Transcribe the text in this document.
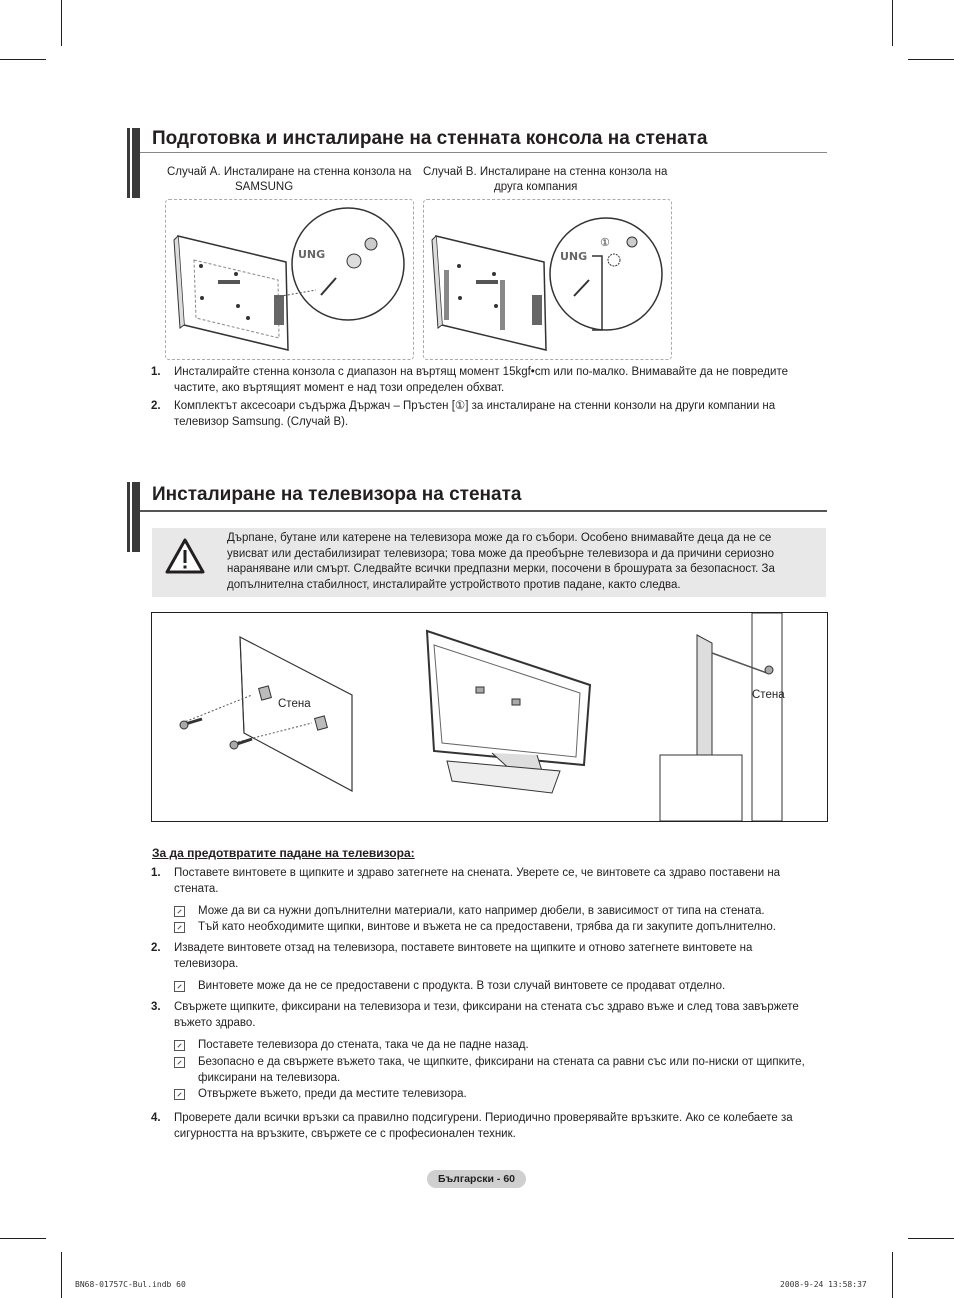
Подготовка и инсталиране на стенната консола на стената
Случай А. Инсталиране на стенна конзола на
SAMSUNG
Случай B. Инсталиране на стенна конзола на
друга компания
UNG	UNG
①
1. Инсталирайте стенна конзола с диапазон на въртящ момент 15kgf•cm или по-малко. Внимавайте да не повредите
частите, ако въртящият момент е над този определен обхват.
2. Комплектът аксесоари съдържа Държач – Пръстен [①] за инсталиране на стенни конзоли на други компании на
телевизор Samsung. (Случай B).
Инсталиране на телевизора на стената
Дърпане, бутане или катерене на телевизора може да го събори. Особено внимавайте деца да не се
увисват или дестабилизират телевизора; това може да преобърне телевизора и да причини сериозно
нараняване или смърт. Следвайте всички предпазни мерки, посочени в брошурата за безопасност. За
допълнителна стабилност, инсталирайте устройството против падане, както следва.
Стена
Стена
За да предотвратите падане на телевизора:
1. Поставете винтовете в щипките и здраво затегнете на снената. Уверете се, че винтовете са здраво поставени на
стената.
Може да ви са нужни допълнителни материали, като например дюбели, в зависимост от типа на стената.
Тъй като необходимите щипки, винтове и въжета не са предоставени, трябва да ги закупите допълнително.
2. Извадете винтовете отзад на телевизора, поставете винтовете на щипките и отново затегнете винтовете на
телевизора.
Винтовете може да не се предоставени с продукта. В този случай винтовете се продават отделно.
3. Свържете щипките, фиксирани на телевизора и тези, фиксирани на стената със здраво въже и след това завържете
въжето здраво.
Поставете телевизора до стената, така че да не падне назад.
Безопасно е да свържете въжето така, че щипките, фиксирани на стената са равни със или по-ниски от щипките,
фиксирани на телевизора.
Отвържете въжето, преди да местите телевизора.
4. Проверете дали всички връзки са правилно подсигурени. Периодично проверявайте връзките. Ако се колебаете за
сигурността на връзките, свържете се с професионален техник.
Български - 60
BN68-01757C-Bul.indb 60	2008-9-24 13:58:37
